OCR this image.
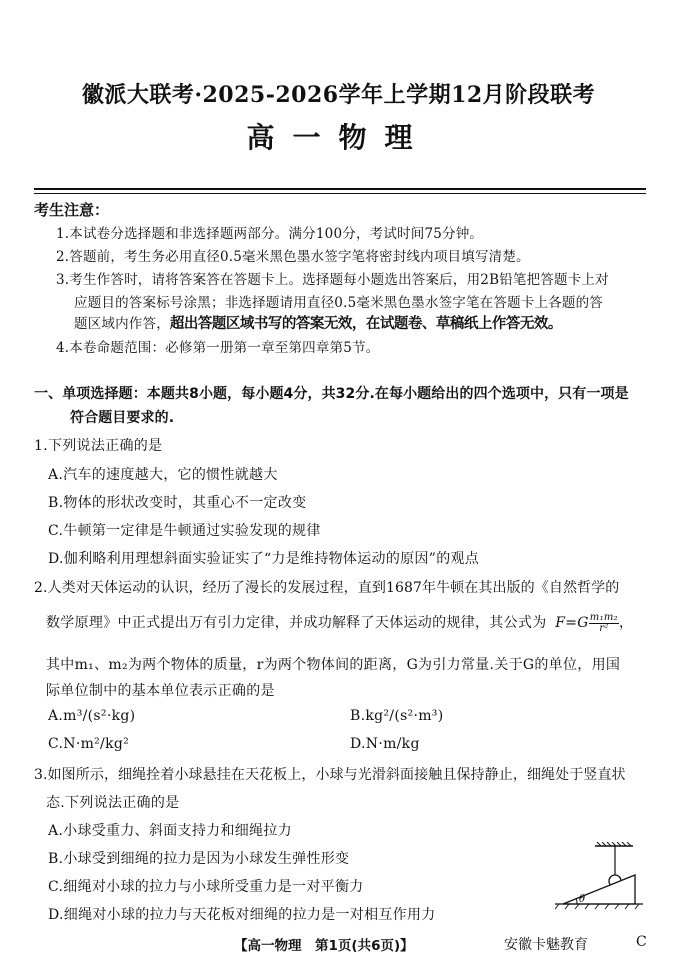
徽派大联考·2025-2026学年上学期12月阶段联考
高一物理
考生注意：
1.本试卷分选择题和非选择题两部分。满分100分，考试时间75分钟。
2.答题前，考生务必用直径0.5毫米黑色墨水签字笔将密封线内项目填写清楚。
3.考生作答时，请将答案答在答题卡上。选择题每小题选出答案后，用2B铅笔把答题卡上对
应题目的答案标号涂黑；非选择题请用直径0.5毫米黑色墨水签字笔在答题卡上各题的答
题区域内作答，超出答题区域书写的答案无效，在试题卷、草稿纸上作答无效。
4.本卷命题范围：必修第一册第一章至第四章第5节。
一、单项选择题：本题共8小题，每小题4分，共32分.在每小题给出的四个选项中，只有一项是
符合题目要求的.
1.下列说法正确的是
A.汽车的速度越大，它的惯性就越大
B.物体的形状改变时，其重心不一定改变
C.牛顿第一定律是牛顿通过实验发现的规律
D.伽利略利用理想斜面实验证实了“力是维持物体运动的原因”的观点
2.人类对天体运动的认识，经历了漫长的发展过程，直到1687年牛顿在其出版的《自然哲学的
数学原理》中正式提出万有引力定律，并成功解释了天体运动的规律，其公式为 $F=G \frac{\text{m₁m₂}}{\text{r²}}$ ，
其中m₁、m₂为两个物体的质量，r为两个物体间的距离，G为引力常量.关于G的单位，用国
际单位制中的基本单位表示正确的是
A.m³/(s²·kg)	B.kg²/(s²·m³)
C.N·m²/kg²	D.N·m/kg
3.如图所示，细绳拴着小球悬挂在天花板上，小球与光滑斜面接触且保持静止，细绳处于竖直状
态.下列说法正确的是
A.小球受重力、斜面支持力和细绳拉力
B.小球受到细绳的拉力是因为小球发生弹性形变
C.细绳对小球的拉力与小球所受重力是一对平衡力
D.细绳对小球的拉力与天花板对细绳的拉力是一对相互作用力
θ
【高一物理　第1页(共6页)】	安徽卡魅教育	C
